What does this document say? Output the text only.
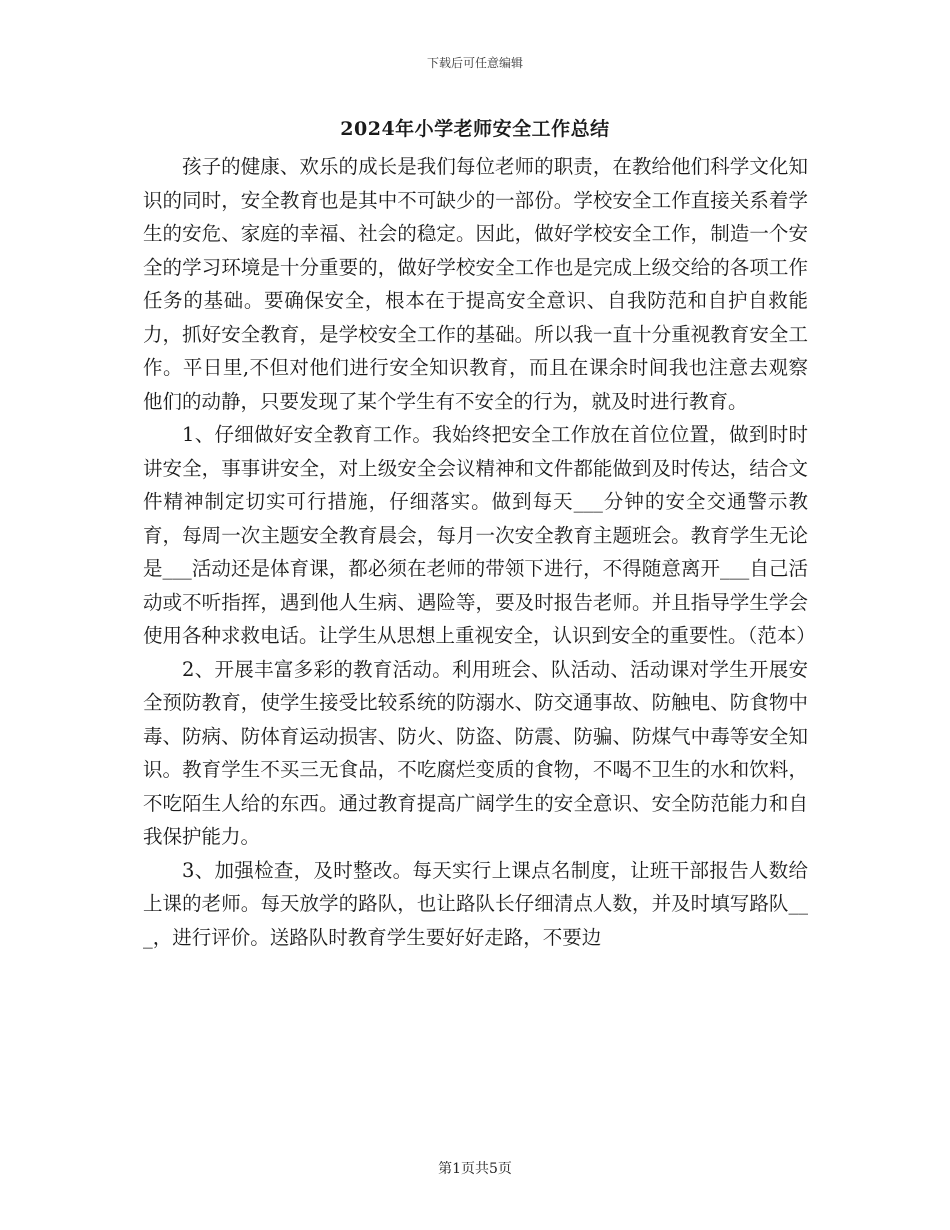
下载后可任意编辑
2024年小学老师安全工作总结

孩子的健康、欢乐的成长是我们每位老师的职责，在教给他们科学文化知识的同时，安全教育也是其中不可缺少的一部份。学校安全工作直接关系着学生的安危、家庭的幸福、社会的稳定。因此，做好学校安全工作，制造一个安全的学习环境是十分重要的，做好学校安全工作也是完成上级交给的各项工作任务的基础。要确保安全，根本在于提高安全意识、自我防范和自护自救能力，抓好安全教育，是学校安全工作的基础。所以我一直十分重视教育安全工作。平日里,不但对他们进行安全知识教育，而且在课余时间我也注意去观察他们的动静，只要发现了某个学生有不安全的行为，就及时进行教育。

1、仔细做好安全教育工作。我始终把安全工作放在首位位置，做到时时讲安全，事事讲安全，对上级安全会议精神和文件都能做到及时传达，结合文件精神制定切实可行措施，仔细落实。做到每天___分钟的安全交通警示教育，每周一次主题安全教育晨会，每月一次安全教育主题班会。教育学生无论是___活动还是体育课，都必须在老师的带领下进行，不得随意离开___自己活动或不听指挥，遇到他人生病、遇险等，要及时报告老师。并且指导学生学会使用各种求救电话。让学生从思想上重视安全，认识到安全的重要性。（范本）

2、开展丰富多彩的教育活动。利用班会、队活动、活动课对学生开展安全预防教育，使学生接受比较系统的防溺水、防交通事故、防触电、防食物中毒、防病、防体育运动损害、防火、防盗、防震、防骗、防煤气中毒等安全知识。教育学生不买三无食品，不吃腐烂变质的食物，不喝不卫生的水和饮料，不吃陌生人给的东西。通过教育提高广阔学生的安全意识、安全防范能力和自我保护能力。

3、加强检查，及时整改。每天实行上课点名制度，让班干部报告人数给上课的老师。每天放学的路队，也让路队长仔细清点人数，并及时填写路队___，进行评价。送路队时教育学生要好好走路，不要边

第1页共5页
